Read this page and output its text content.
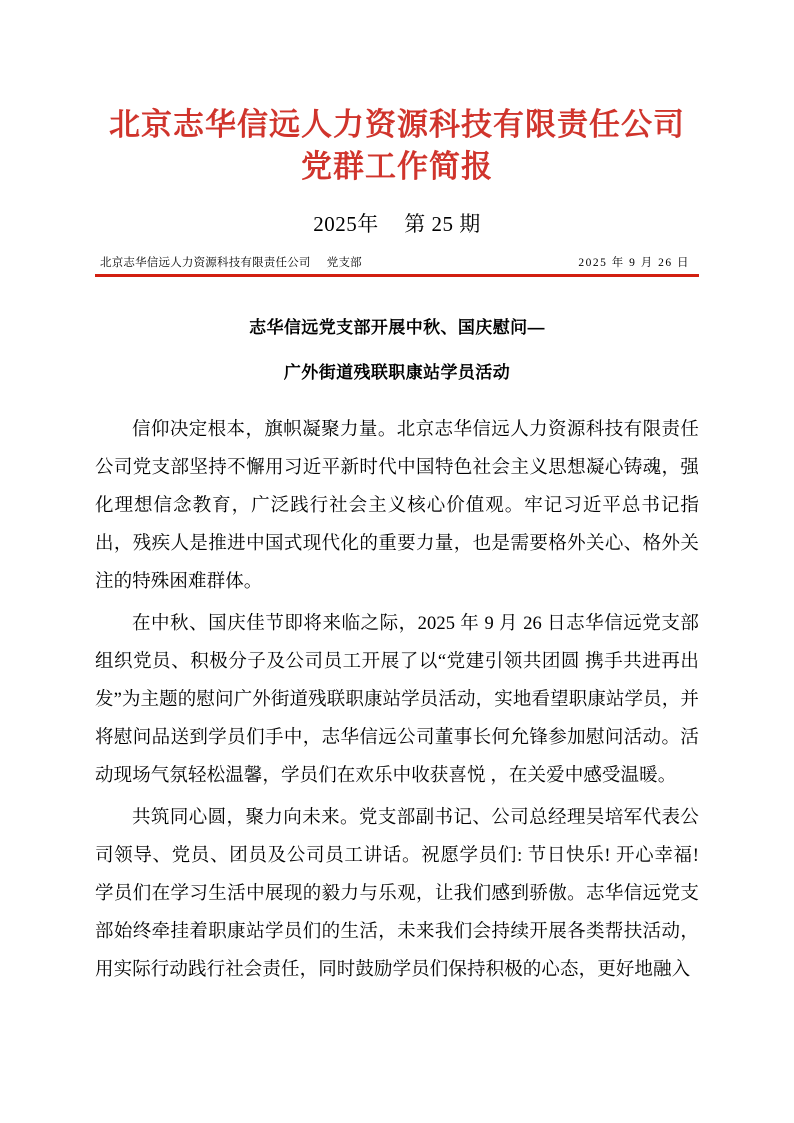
北京志华信远人力资源科技有限责任公司
党群工作简报
2025年 第 25 期
北京志华信远人力资源科技有限责任公司 党支部	2025 年 9 月 26 日
志华信远党支部开展中秋、国庆慰问—
广外街道残联职康站学员活动

信仰决定根本，旗帜凝聚力量。北京志华信远人力资源科技有限责任公司党支部坚持不懈用习近平新时代中国特色社会主义思想凝心铸魂，强化理想信念教育，广泛践行社会主义核心价值观。牢记习近平总书记指出，残疾人是推进中国式现代化的重要力量，也是需要格外关心、格外关注的特殊困难群体。

在中秋、国庆佳节即将来临之际，2025 年 9 月 26 日志华信远党支部组织党员、积极分子及公司员工开展了以“党建引领共团圆 携手共进再出发”为主题的慰问广外街道残联职康站学员活动，实地看望职康站学员，并将慰问品送到学员们手中，志华信远公司董事长何允锋参加慰问活动。活动现场气氛轻松温馨，学员们在欢乐中收获喜悦 ，在关爱中感受温暖。

共筑同心圆，聚力向未来。党支部副书记、公司总经理吴培军代表公司领导、党员、团员及公司员工讲话。祝愿学员们: 节日快乐! 开心幸福! 学员们在学习生活中展现的毅力与乐观，让我们感到骄傲。志华信远党支部始终牵挂着职康站学员们的生活，未来我们会持续开展各类帮扶活动，用实际行动践行社会责任，同时鼓励学员们保持积极的心态，更好地融入
